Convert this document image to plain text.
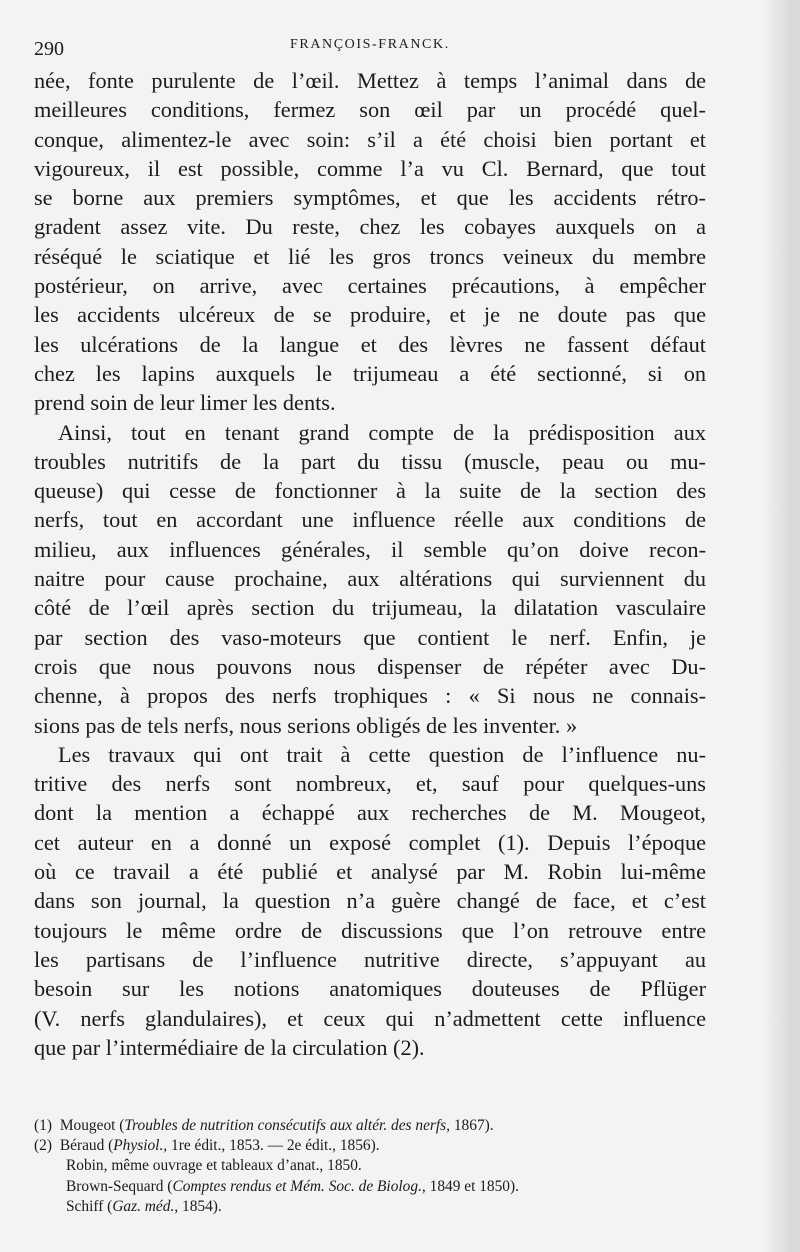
290	FRANÇOIS-FRANCK.

née, fonte purulente de l’œil. Mettez à temps l’animal dans de
meilleures conditions, fermez son œil par un procédé quel-
conque, alimentez-le avec soin: s’il a été choisi bien portant et
vigoureux, il est possible, comme l’a vu Cl. Bernard, que tout
se borne aux premiers symptômes, et que les accidents rétro-
gradent assez vite. Du reste, chez les cobayes auxquels on a
réséqué le sciatique et lié les gros troncs veineux du membre
postérieur, on arrive, avec certaines précautions, à empêcher
les accidents ulcéreux de se produire, et je ne doute pas que
les ulcérations de la langue et des lèvres ne fassent défaut
chez les lapins auxquels le trijumeau a été sectionné, si on
prend soin de leur limer les dents.

Ainsi, tout en tenant grand compte de la prédisposition aux
troubles nutritifs de la part du tissu (muscle, peau ou mu-
queuse) qui cesse de fonctionner à la suite de la section des
nerfs, tout en accordant une influence réelle aux conditions de
milieu, aux influences générales, il semble qu’on doive recon-
naitre pour cause prochaine, aux altérations qui surviennent du
côté de l’œil après section du trijumeau, la dilatation vasculaire
par section des vaso-moteurs que contient le nerf. Enfin, je
crois que nous pouvons nous dispenser de répéter avec Du-
chenne, à propos des nerfs trophiques : « Si nous ne connais-
sions pas de tels nerfs, nous serions obligés de les inventer. »

Les travaux qui ont trait à cette question de l’influence nu-
tritive des nerfs sont nombreux, et, sauf pour quelques-uns
dont la mention a échappé aux recherches de M. Mougeot,
cet auteur en a donné un exposé complet (1). Depuis l’époque
où ce travail a été publié et analysé par M. Robin lui-même
dans son journal, la question n’a guère changé de face, et c’est
toujours le même ordre de discussions que l’on retrouve entre
les partisans de l’influence nutritive directe, s’appuyant au
besoin sur les notions anatomiques douteuses de Pflüger
(V. nerfs glandulaires), et ceux qui n’admettent cette influence
que par l’intermédiaire de la circulation (2).

(1) Mougeot (Troubles de nutrition consécutifs aux altér. des nerfs, 1867).
(2) Béraud (Physiol., 1re édit., 1853. — 2e édit., 1856).
Robin, même ouvrage et tableaux d’anat., 1850.
Brown-Sequard (Comptes rendus et Mém. Soc. de Biolog., 1849 et 1850).
Schiff (Gaz. méd., 1854).
